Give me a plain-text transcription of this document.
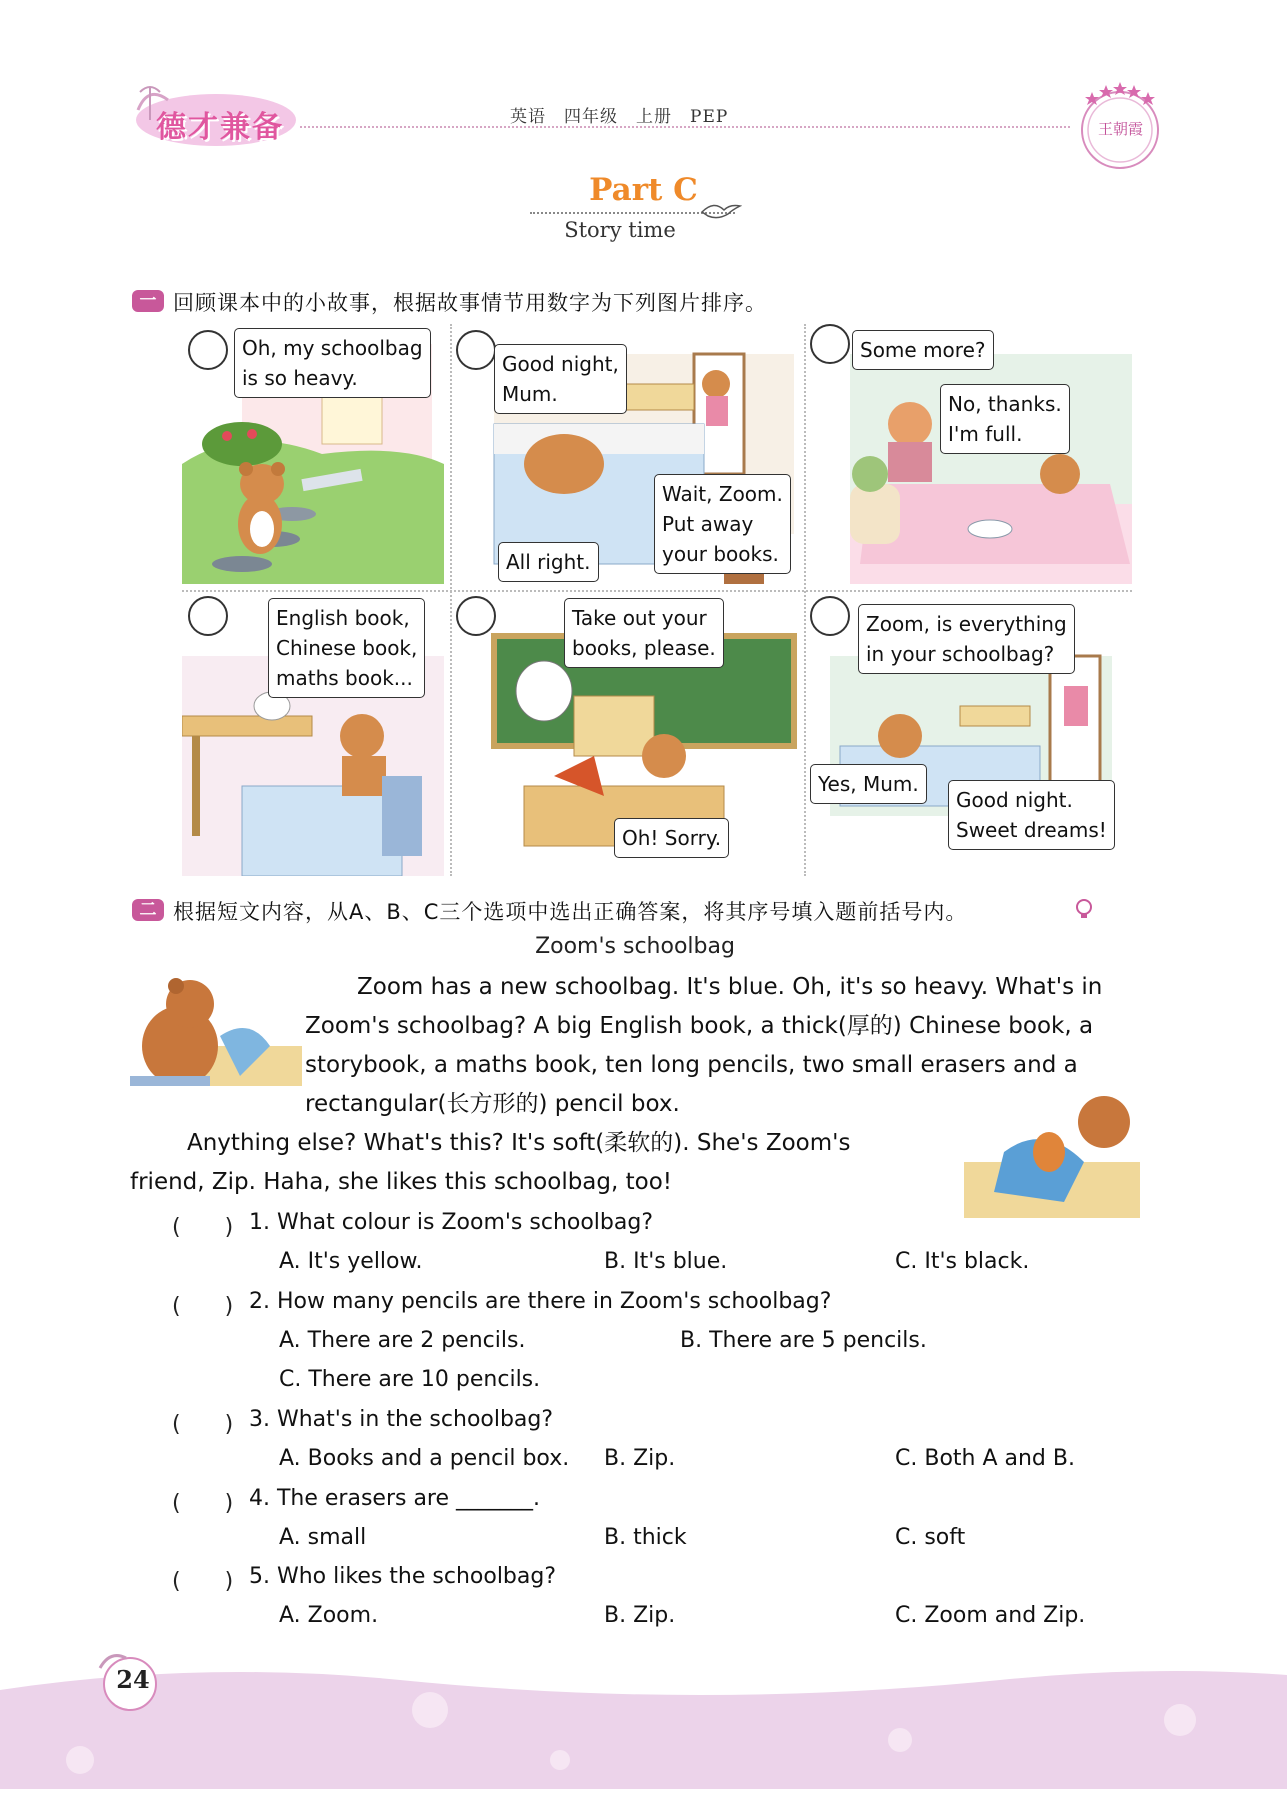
德才兼备	英语　四年级　上册　PEP
王朝霞
Part C
Story time
一 回顾课本中的小故事，根据故事情节用数字为下列图片排序。
Oh, my schoolbag
is so heavy.
Good night,
Mum.
Wait, Zoom.
Put away
your books.
All right.
Some more?
No, thanks.
I'm full.
English book,
Chinese book,
maths book...
Take out your
books, please.
Oh! Sorry.
Zoom, is everything
in your schoolbag?
Yes, Mum.
Good night.
Sweet dreams!
二 根据短文内容，从A、B、C三个选项中选出正确答案，将其序号填入题前括号内。
Zoom's schoolbag
Zoom has a new schoolbag. It's blue. Oh, it's so heavy. What's in
Zoom's schoolbag? A big English book, a thick(厚的) Chinese book, a
storybook, a maths book, ten long pencils, two small erasers and a
rectangular(长方形的) pencil box.
Anything else? What's this? It's soft(柔软的). She's Zoom's
friend, Zip. Haha, she likes this schoolbag, too!
(　　) 1. What colour is Zoom's schoolbag?
A. It's yellow.	B. It's blue.	C. It's black.
(　　) 2. How many pencils are there in Zoom's schoolbag?
A. There are 2 pencils.	B. There are 5 pencils.
C. There are 10 pencils.
(　　) 3. What's in the schoolbag?
A. Books and a pencil box. B. Zip.	C. Both A and B.
(　　) 4. The erasers are _______.
A. small	B. thick	C. soft
(　　) 5. Who likes the schoolbag?
A. Zoom.	B. Zip.	C. Zoom and Zip.
24
